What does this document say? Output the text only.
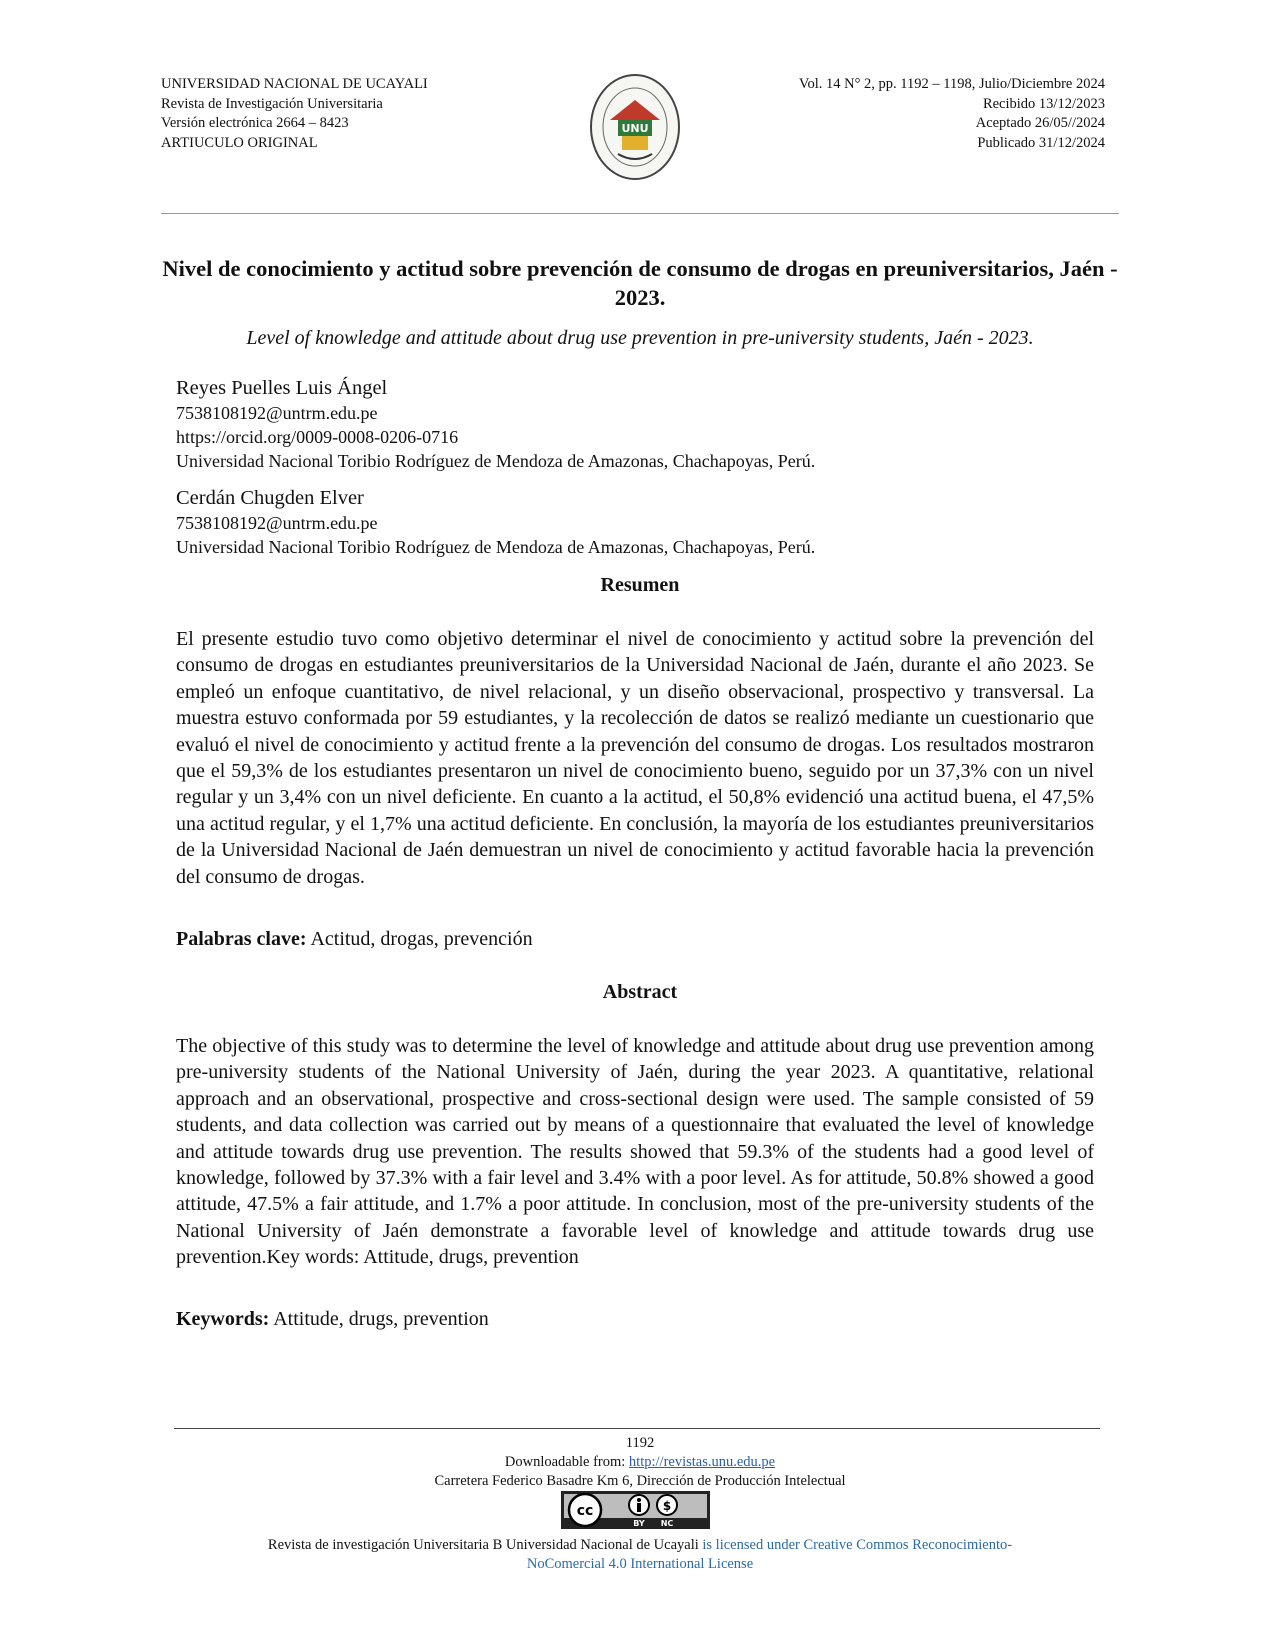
UNIVERSIDAD NACIONAL DE UCAYALI
Revista de Investigación Universitaria
Versión electrónica 2664 – 8423
ARTIUCULO ORIGINAL
UNU
Vol. 14 N° 2, pp. 1192 – 1198, Julio/Diciembre 2024
Recibido 13/12/2023
Aceptado 26/05//2024
Publicado 31/12/2024
Nivel de conocimiento y actitud sobre prevención de consumo de drogas en preuniversitarios, Jaén - 2023.
Level of knowledge and attitude about drug use prevention in pre-university students, Jaén - 2023.
Reyes Puelles Luis Ángel
7538108192@untrm.edu.pe
https://orcid.org/0009-0008-0206-0716
Universidad Nacional Toribio Rodríguez de Mendoza de Amazonas, Chachapoyas, Perú.
Cerdán Chugden Elver
7538108192@untrm.edu.pe
Universidad Nacional Toribio Rodríguez de Mendoza de Amazonas, Chachapoyas, Perú.
Resumen
El presente estudio tuvo como objetivo determinar el nivel de conocimiento y actitud sobre la prevención del consumo de drogas en estudiantes preuniversitarios de la Universidad Nacional de Jaén, durante el año 2023. Se empleó un enfoque cuantitativo, de nivel relacional, y un diseño observacional, prospectivo y transversal. La muestra estuvo conformada por 59 estudiantes, y la recolección de datos se realizó mediante un cuestionario que evaluó el nivel de conocimiento y actitud frente a la prevención del consumo de drogas. Los resultados mostraron que el 59,3% de los estudiantes presentaron un nivel de conocimiento bueno, seguido por un 37,3% con un nivel regular y un 3,4% con un nivel deficiente. En cuanto a la actitud, el 50,8% evidenció una actitud buena, el 47,5% una actitud regular, y el 1,7% una actitud deficiente. En conclusión, la mayoría de los estudiantes preuniversitarios de la Universidad Nacional de Jaén demuestran un nivel de conocimiento y actitud favorable hacia la prevención del consumo de drogas.
Palabras clave: Actitud, drogas, prevención
Abstract
The objective of this study was to determine the level of knowledge and attitude about drug use prevention among pre-university students of the National University of Jaén, during the year 2023. A quantitative, relational approach and an observational, prospective and cross-sectional design were used. The sample consisted of 59 students, and data collection was carried out by means of a questionnaire that evaluated the level of knowledge and attitude towards drug use prevention. The results showed that 59.3% of the students had a good level of knowledge, followed by 37.3% with a fair level and 3.4% with a poor level. As for attitude, 50.8% showed a good attitude, 47.5% a fair attitude, and 1.7% a poor attitude. In conclusion, most of the pre-university students of the National University of Jaén demonstrate a favorable level of knowledge and attitude towards drug use prevention.Key words: Attitude, drugs, prevention
Keywords: Attitude, drugs, prevention
1192
Downloadable from: http://revistas.unu.edu.pe
Carretera Federico Basadre Km 6, Dirección de Producción Intelectual
cc	$
BY NC
Revista de investigación Universitaria B Universidad Nacional de Ucayali is licensed under Creative Commos Reconocimiento-
NoComercial 4.0 International License
